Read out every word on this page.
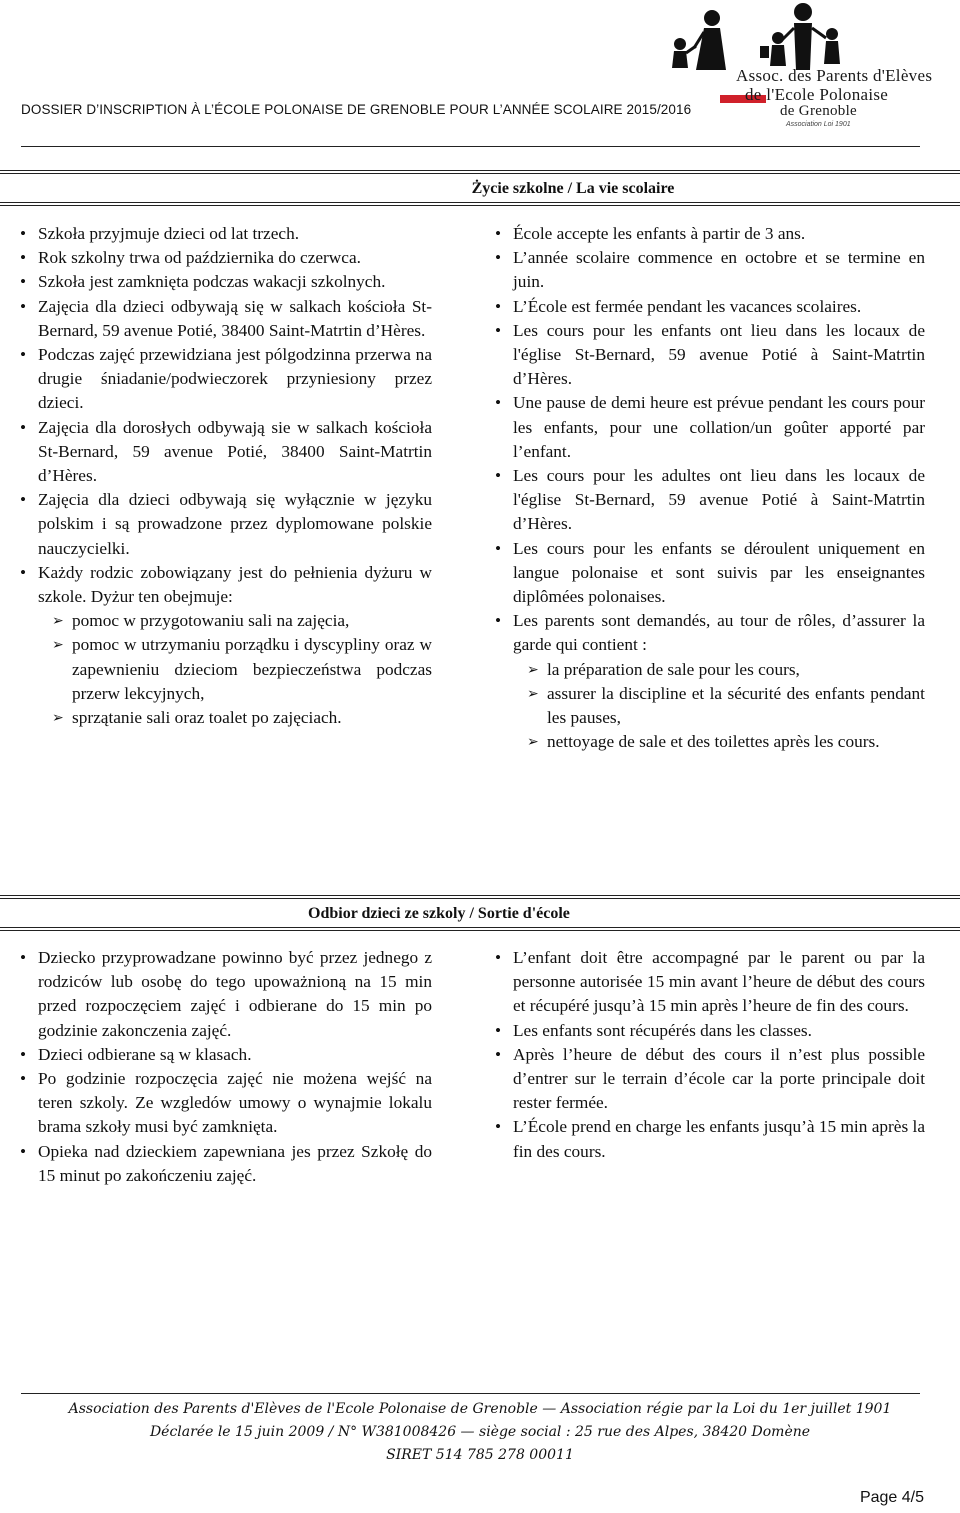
DOSSIER D’INSCRIPTION À L’ÉCOLE POLONAISE DE GRENOBLE POUR L’ANNÉE SCOLAIRE 2015/2016
Assoc. des Parents d'Elèves
de l'Ecole Polonaise
de Grenoble
Association Loi 1901
Życie szkolne / La vie scolaire
• Szkoła przyjmuje dzieci od lat trzech.
• Rok szkolny trwa od października do czerwca.
• Szkoła jest zamknięta podczas wakacji szkolnych.
• Zajęcia dla dzieci odbywają się w salkach kościoła St-Bernard, 59 avenue Potié, 38400 Saint-Matrtin d’Hères.
• Podczas zajęć przewidziana jest pólgodzinna przerwa na drugie śniadanie/podwieczorek przyniesiony przez dzieci.
• Zajęcia dla dorosłych odbywają sie w salkach kościoła St-Bernard, 59 avenue Potié, 38400 Saint-Matrtin d’Hères.
• Zajęcia dla dzieci odbywają się wyłącznie w języku polskim i są prowadzone przez dyplomowane polskie nauczycielki.
• Każdy rodzic zobowiązany jest do pełnienia dyżuru w szkole. Dyżur ten obejmuje:
➢ pomoc w przygotowaniu sali na zajęcia,
➢ pomoc w utrzymaniu porządku i dyscypliny oraz w zapewnieniu dzieciom bezpieczeństwa podczas przerw lekcyjnych,
➢ sprzątanie sali oraz toalet po zajęciach.
• École accepte les enfants à partir de 3 ans.
• L’année scolaire commence en octobre et se termine en juin.
• L’École est fermée pendant les vacances scolaires.
• Les cours pour les enfants ont lieu dans les locaux de l'église St-Bernard, 59 avenue Potié à Saint-Matrtin d’Hères.
• Une pause de demi heure est prévue pendant les cours pour les enfants, pour une collation/un goûter apporté par l’enfant.
• Les cours pour les adultes ont lieu dans les locaux de l'église St-Bernard, 59 avenue Potié à Saint-Matrtin d’Hères.
• Les cours pour les enfants se déroulent uniquement en langue polonaise et sont suivis par les enseignantes diplômées polonaises.
• Les parents sont demandés, au tour de rôles, d’assurer la garde qui contient :
➢ la préparation de sale pour les cours,
➢ assurer la discipline et la sécurité des enfants pendant les pauses,
➢ nettoyage de sale et des toilettes après les cours.
Odbior dzieci ze szkoly / Sortie d'école
• Dziecko przyprowadzane powinno być przez jednego z rodziców lub osobę do tego upoważnioną na 15 min przed rozpoczęciem zajęć i odbierane do 15 min po godzinie zakonczenia zajęć.
• Dzieci odbierane są w klasach.
• Po godzinie rozpoczęcia zajęć nie możena wejść na teren szkoly. Ze wzgledów umowy o wynajmie lokalu brama szkoły musi być zamknięta.
• Opieka nad dzieckiem zapewniana jes przez Szkołę do 15 minut po zakończeniu zajęć.
• L’enfant doit être accompagné par le parent ou par la personne autorisée 15 min avant l’heure de début des cours et récupéré jusqu’à 15 min après l’heure de fin des cours.
• Les enfants sont récupérés dans les classes.
• Après l’heure de début des cours il n’est plus possible d’entrer sur le terrain d’école car la porte principale doit rester fermée.
• L’École prend en charge les enfants jusqu’à 15 min après la fin des cours.
Association des Parents d'Elèves de l'Ecole Polonaise de Grenoble — Association régie par la Loi du 1er juillet 1901
Déclarée le 15 juin 2009 / N° W381008426 — siège social : 25 rue des Alpes, 38420 Domène
SIRET 514 785 278 00011
Page 4/5
